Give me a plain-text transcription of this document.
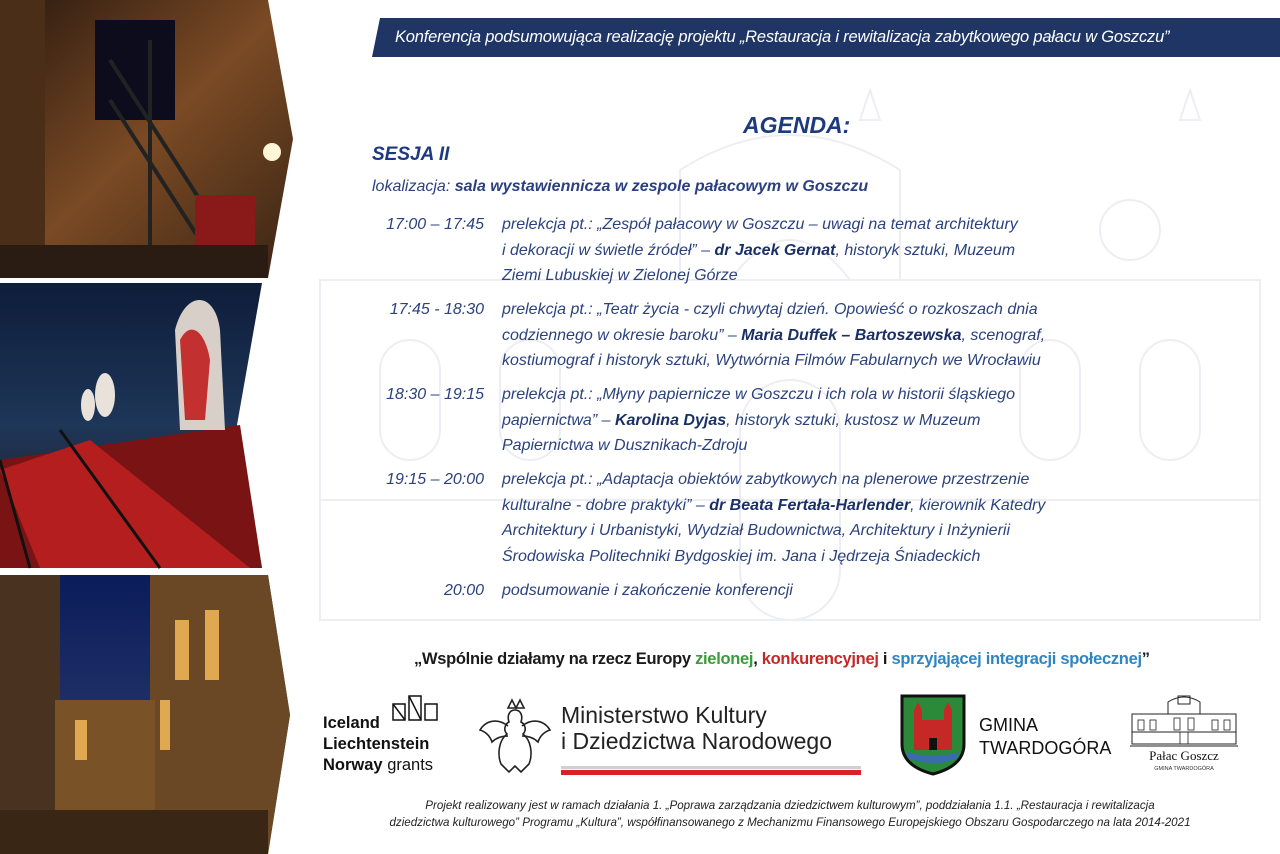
Konferencja podsumowująca realizację projektu „Restauracja i rewitalizacja zabytkowego pałacu w Goszczu”
AGENDA:
SESJA II
lokalizacja: sala wystawiennicza w zespole pałacowym w Goszczu
17:00 – 17:45 prelekcja pt.: „Zespół pałacowy w Goszczu – uwagi na temat architektury
i dekoracji w świetle źródeł” – dr Jacek Gernat, historyk sztuki, Muzeum
Ziemi Lubuskiej w Zielonej Górze
17:45 - 18:30 prelekcja pt.: „Teatr życia - czyli chwytaj dzień. Opowieść o rozkoszach dnia
codziennego w okresie baroku” – Maria Duffek – Bartoszewska, scenograf,
kostiumograf i historyk sztuki, Wytwórnia Filmów Fabularnych we Wrocławiu
18:30 – 19:15 prelekcja pt.: „Młyny papiernicze w Goszczu i ich rola w historii śląskiego
papiernictwa” – Karolina Dyjas, historyk sztuki, kustosz w Muzeum
Papiernictwa w Dusznikach-Zdroju
19:15 – 20:00 prelekcja pt.: „Adaptacja obiektów zabytkowych na plenerowe przestrzenie
kulturalne - dobre praktyki” – dr Beata Fertała-Harlender, kierownik Katedry
Architektury i Urbanistyki, Wydział Budownictwa, Architektury i Inżynierii
Środowiska Politechniki Bydgoskiej im. Jana i Jędrzeja Śniadeckich
20:00 podsumowanie i zakończenie konferencji
„Wspólnie działamy na rzecz Europy zielonej, konkurencyjnej i sprzyjającej integracji społecznej”
Iceland
Liechtenstein
Norway grants
Ministerstwo Kultury
i Dziedzictwa Narodowego
GMINA
TWARDOGÓRA	Pałac Goszcz
GMINA TWARDOGÓRA
Projekt realizowany jest w ramach działania 1. „Poprawa zarządzania dziedzictwem kulturowym”, poddziałania 1.1. „Restauracja i rewitalizacja
dziedzictwa kulturowego” Programu „Kultura”, współfinansowanego z Mechanizmu Finansowego Europejskiego Obszaru Gospodarczego na lata 2014-2021
